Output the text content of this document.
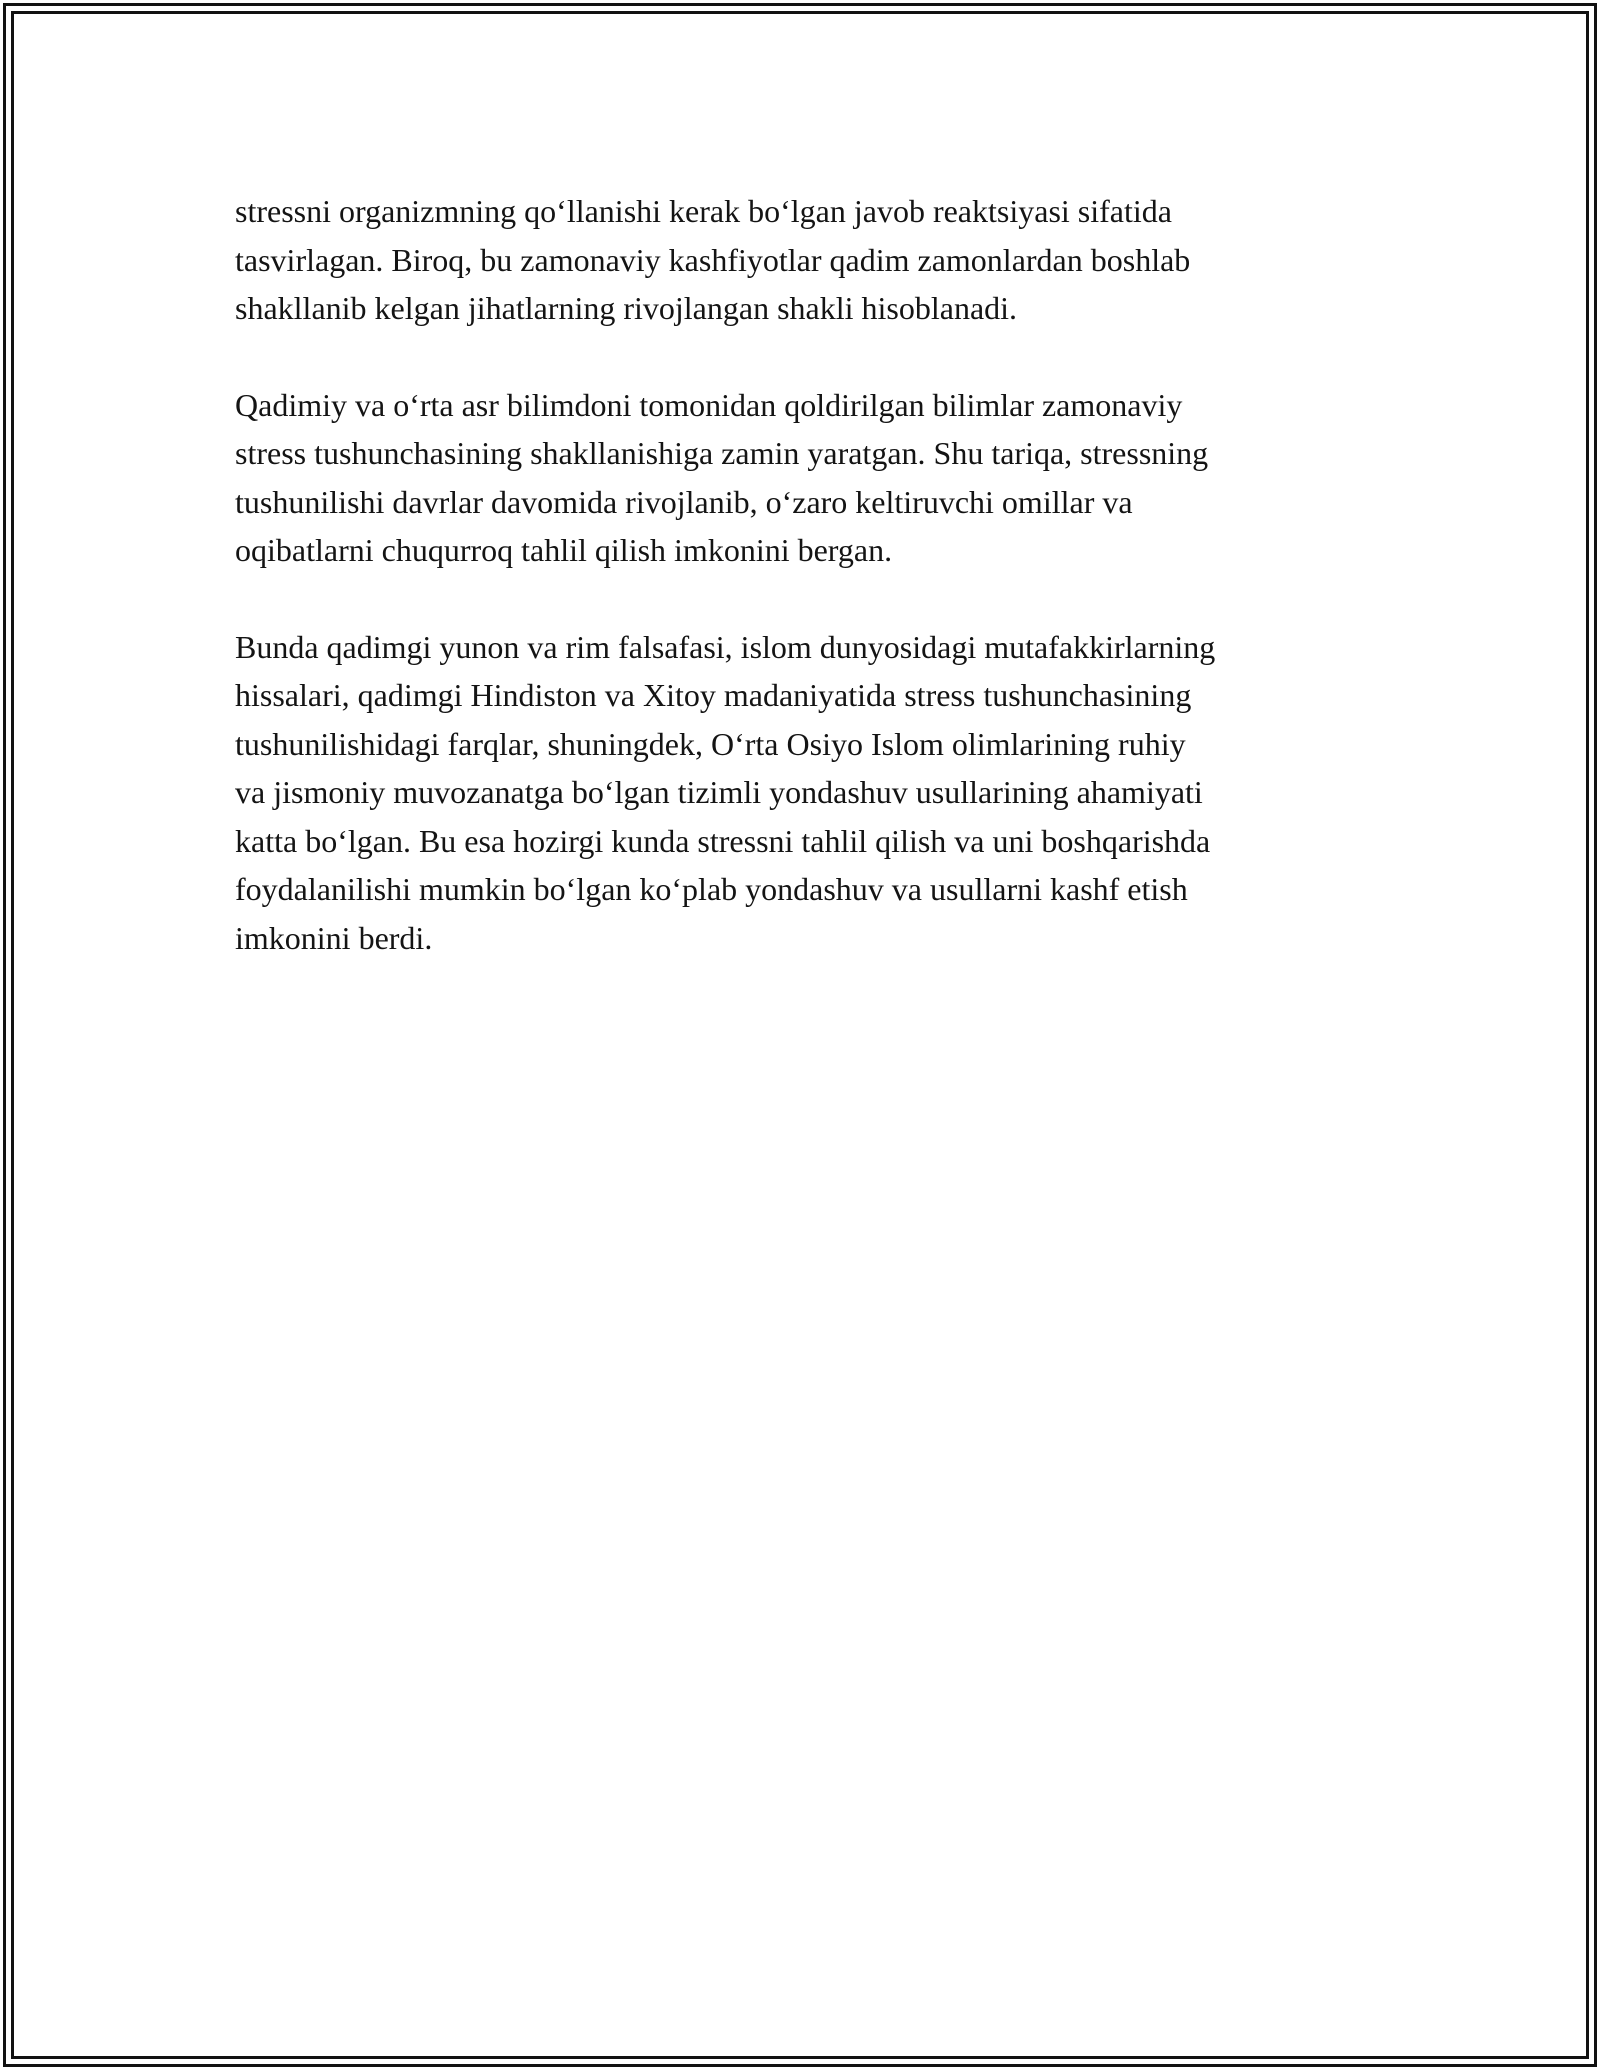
stressni organizmning qo‘llanishi kerak bo‘lgan javob reaktsiyasi sifatida
tasvirlagan. Biroq, bu zamonaviy kashfiyotlar qadim zamonlardan boshlab
shakllanib kelgan jihatlarning rivojlangan shakli hisoblanadi.

Qadimiy va o‘rta asr bilimdoni tomonidan qoldirilgan bilimlar zamonaviy
stress tushunchasining shakllanishiga zamin yaratgan. Shu tariqa, stressning
tushunilishi davrlar davomida rivojlanib, o‘zaro keltiruvchi omillar va
oqibatlarni chuqurroq tahlil qilish imkonini bergan.

Bunda qadimgi yunon va rim falsafasi, islom dunyosidagi mutafakkirlarning
hissalari, qadimgi Hindiston va Xitoy madaniyatida stress tushunchasining
tushunilishidagi farqlar, shuningdek, O‘rta Osiyo Islom olimlarining ruhiy
va jismoniy muvozanatga bo‘lgan tizimli yondashuv usullarining ahamiyati
katta bo‘lgan. Bu esa hozirgi kunda stressni tahlil qilish va uni boshqarishda
foydalanilishi mumkin bo‘lgan ko‘plab yondashuv va usullarni kashf etish
imkonini berdi.
